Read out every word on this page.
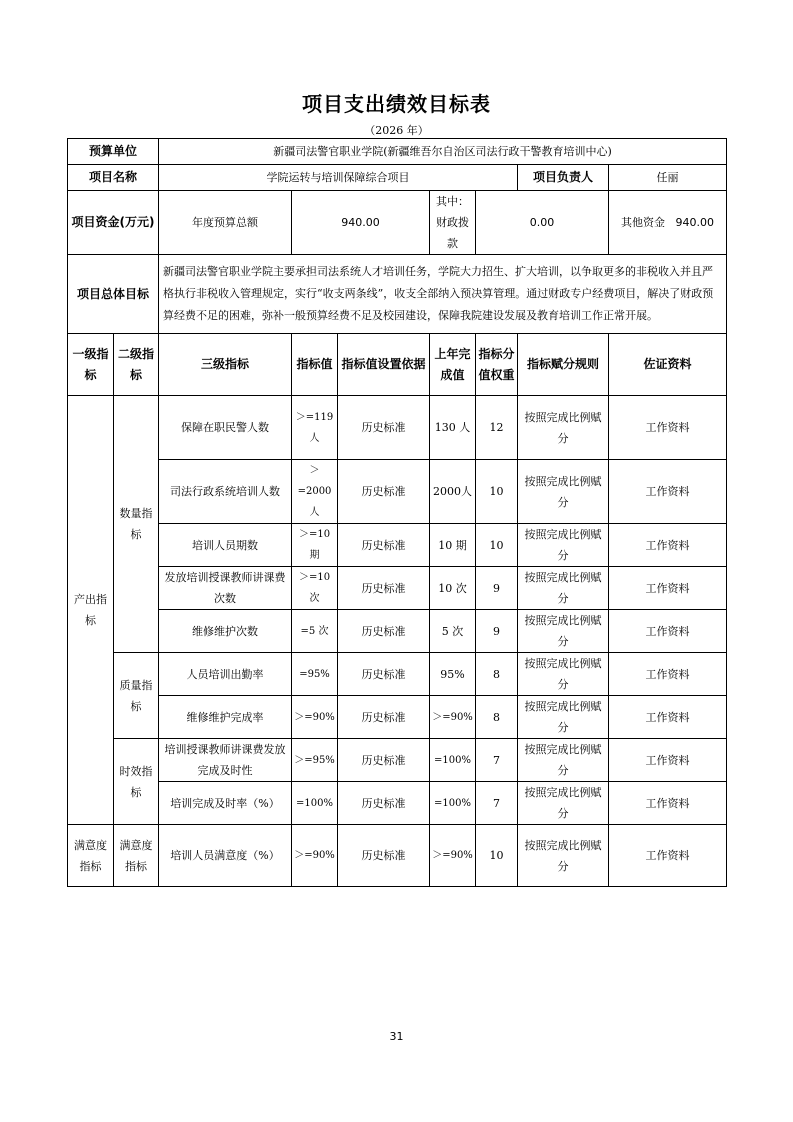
项目支出绩效目标表
（2026 年）
预算单位		新疆司法警官职业学院(新疆维吾尔自治区司法行政干警教育培训中心)						
项目名称		学院运转与培训保障综合项目					项目负责人	任丽
项目资金(万元)		年度预算总额	940.00		其中：财政拨款	0.00		其他资金 940.00
项目总体目标		新疆司法警官职业学院主要承担司法系统人才培训任务，学院大力招生、扩大培训，以争取更多的非税收入并且严格执行非税收入管理规定，实行“收支两条线”，收支全部纳入预决算管理。通过财政专户经费项目，解决了财政预算经费不足的困难，弥补一般预算经费不足及校园建设，保障我院建设发展及教育培训工作正常开展。						
一级指标	二级指标	三级指标	指标值	指标值设置依据	上年完成值	指标分值权重	指标赋分规则	佐证资料
产出指标	数量指标	保障在职民警人数	＞=119人	历史标准	130 人	12	按照完成比例赋分	工作资料
		司法行政系统培训人数	＞=2000人	历史标准	2000人	10	按照完成比例赋分	工作资料
		培训人员期数	＞=10期	历史标准	10 期	10	按照完成比例赋分	工作资料
		发放培训授课教师讲课费次数	＞=10次	历史标准	10 次	9	按照完成比例赋分	工作资料
		维修维护次数	=5 次	历史标准	5 次	9	按照完成比例赋分	工作资料
	质量指标	人员培训出勤率	=95%	历史标准	95%	8	按照完成比例赋分	工作资料
		维修维护完成率	＞=90%	历史标准	＞=90%	8	按照完成比例赋分	工作资料
	时效指标	培训授课教师讲课费发放完成及时性	＞=95%	历史标准	=100%	7	按照完成比例赋分	工作资料
		培训完成及时率（%）	=100%	历史标准	=100%	7	按照完成比例赋分	工作资料
满意度指标	满意度指标	培训人员满意度（%）	＞=90%	历史标准	＞=90%	10	按照完成比例赋分	工作资料
31
